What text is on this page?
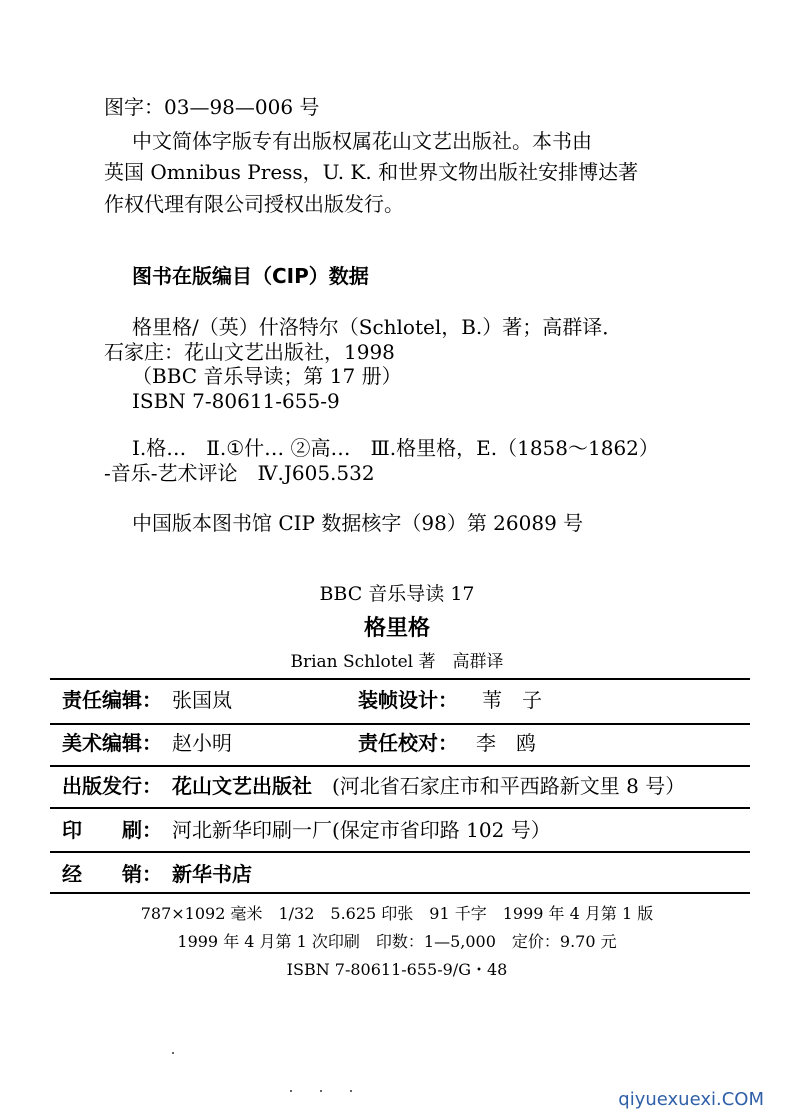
图字：03—98—006 号
中文简体字版专有出版权属花山文艺出版社。本书由
英国 Omnibus Press，U. K. 和世界文物出版社安排博达著
作权代理有限公司授权出版发行。
图书在版编目（CIP）数据
格里格/（英）什洛特尔（Schlotel，B.）著；高群译．
石家庄：花山文艺出版社，1998
（BBC 音乐导读；第 17 册）
ISBN 7-80611-655-9
Ⅰ.格…　Ⅱ.①什… ②高…　Ⅲ.格里格，E.（1858～1862）
-音乐-艺术评论　Ⅳ.J605.532
中国版本图书馆 CIP 数据核字（98）第 26089 号
BBC 音乐导读 17
格里格
Brian Schlotel 著　高群译
责任编辑： 张国岚	装帧设计： 苇　子
美术编辑： 赵小明	责任校对： 李　鸥
出版发行： 花山文艺出版社 (河北省石家庄市和平西路新文里 8 号）
印　　刷： 河北新华印刷一厂(保定市省印路 102 号）
经　　销： 新华书店
787×1092 毫米　1/32　5.625 印张　91 千字　1999 年 4 月第 1 版
1999 年 4 月第 1 次印刷　印数：1—5,000　定价：9.70 元
ISBN 7-80611-655-9/G・48
qiyuexuexi.COM
